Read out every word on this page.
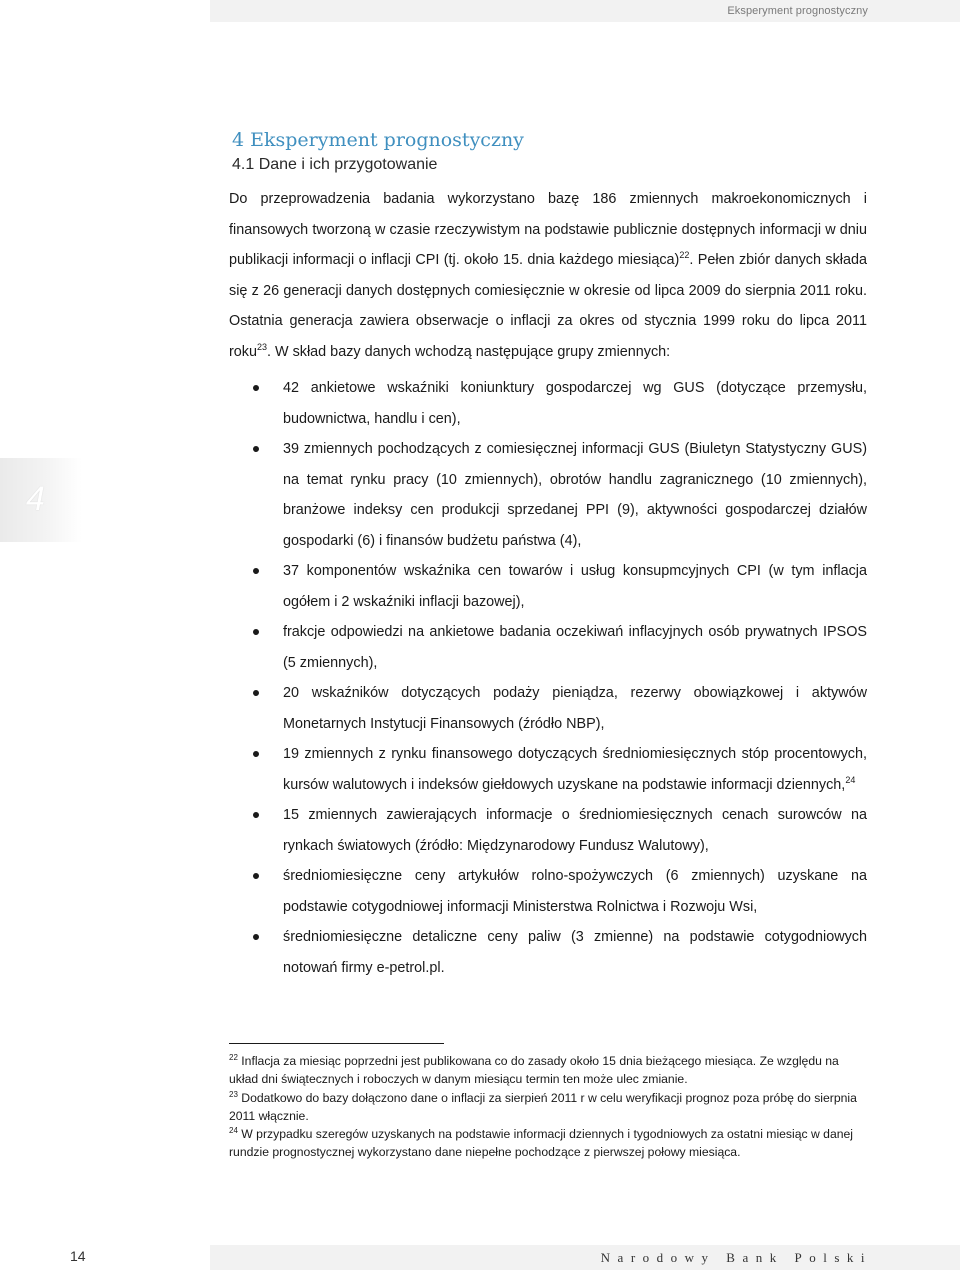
Eksperyment prognostyczny
4
4 Eksperyment prognostyczny
4.1 Dane i ich przygotowanie

Do przeprowadzenia badania wykorzystano bazę 186 zmiennych makroekonomicznych i finansowych tworzoną w czasie rzeczywistym na podstawie publicznie dostępnych informacji w dniu publikacji informacji o inflacji CPI (tj. około 15. dnia każdego miesiąca)$^{22}$. Pełen zbiór danych składa się z 26 generacji danych dostępnych comiesięcznie w okresie od lipca 2009 do sierpnia 2011 roku. Ostatnia generacja zawiera obserwacje o inflacji za okres od stycznia 1999 roku do lipca 2011 roku$^{23}$. W skład bazy danych wchodzą następujące grupy zmiennych:

42 ankietowe wskaźniki koniunktury gospodarczej wg GUS (dotyczące przemysłu, budownictwa, handlu i cen),
39 zmiennych pochodzących z comiesięcznej informacji GUS (Biuletyn Statystyczny GUS) na temat rynku pracy (10 zmiennych), obrotów handlu zagranicznego (10 zmiennych), branżowe indeksy cen produkcji sprzedanej PPI (9), aktywności gospodarczej działów gospodarki (6) i finansów budżetu państwa (4),
37 komponentów wskaźnika cen towarów i usług konsupmcyjnych CPI (w tym inflacja ogółem i 2 wskaźniki inflacji bazowej),
frakcje odpowiedzi na ankietowe badania oczekiwań inflacyjnych osób prywatnych IPSOS (5 zmiennych),
20 wskaźników dotyczących podaży pieniądza, rezerwy obowiązkowej i aktywów Monetarnych Instytucji Finansowych (źródło NBP),
19 zmiennych z rynku finansowego dotyczących średniomiesięcznych stóp procentowych, kursów walutowych i indeksów giełdowych uzyskane na podstawie informacji dziennych,$^{24}$
15 zmiennych zawierających informacje o średniomiesięcznych cenach surowców na rynkach światowych (źródło: Międzynarodowy Fundusz Walutowy),
średniomiesięczne ceny artykułów rolno-spożywczych (6 zmiennych) uzyskane na podstawie cotygodniowej informacji Ministerstwa Rolnictwa i Rozwoju Wsi,
średniomiesięczne detaliczne ceny paliw (3 zmienne) na podstawie cotygodniowych notowań firmy e-petrol.pl.

$^{22}$ Inflacja za miesiąc poprzedni jest publikowana co do zasady około 15 dnia bieżącego miesiąca. Ze względu na układ dni świątecznych i roboczych w danym miesiącu termin ten może ulec zmianie.

$^{23}$ Dodatkowo do bazy dołączono dane o inflacji za sierpień 2011 r w celu weryfikacji prognoz poza próbę do sierpnia 2011 włącznie.

$^{24}$ W przypadku szeregów uzyskanych na podstawie informacji dziennych i tygodniowych za ostatni miesiąc w danej rundzie prognostycznej wykorzystano dane niepełne pochodzące z pierwszej połowy miesiąca.

14	Narodowy Bank Polski
